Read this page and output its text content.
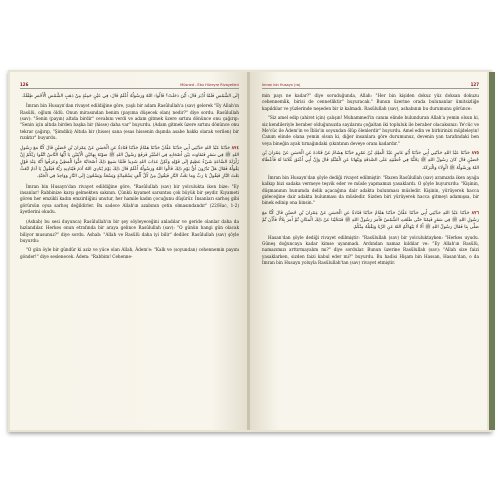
126	Müsned - Ebu Hüreyre Rivayetleri

إِلَى الشَّمْسِ فَلَمَّا أَدْبَرَ قَالَ: أَيْنَ دَخَلَتْ؟ قَالُوا: اللهُ وَرَسُولُهُ أَعْلَمُ قَالَ: فِي عَيْنٍ حَمِئَةٍ مِنْ ذَهَبٍ الشَّمْسِ الْأَحْمَرِ طِفْلَةً.

İmran bin Husayn'dan rivayet edildiğine göre, yaşlı bir adam Rasûlullah'a (sav) gelerek "Ey Allah'ın Rasûlü, oğlum öldü. Onun mirasından benim (payıma düşecek olan) nedir?" diye sordu. Rasûlullah (sav): "Senin (payın) altıda birdir" cevabını verdi ve adam gitmek üzere sırtını dönünce onu çağırıp: "Senin için altıda birden başka bir (hisse) daha var" buyurdu. (Adam gitmek üzere sırtını dönünce onu tekrar çağırıp, "Şimdiki) Altıda bir (hisse) sana (esas hissenin dışında asabe hakkı olarak verilen) bir rızıktır" buyurdu.

٨٧٤ حَدَّثَنَا عَبْدُ اللهِ حَدَّثَنِي أَبِي حَدَّثَنَا عَفَّانُ حَدَّثَنَا هَمَّامٌ حَدَّثَنَا قَتَادَةُ عَنِ الْحَسَنِ عَنْ عِمْرَانَ بْنِ حُصَيْنٍ قَالَ كُنَّا مَعَ رَسُولِ اللهِ ﷺ فِي سَفَرٍ فَتَفَاوَتَ بَيْنَ أَصْحَابِهِ فِي السَّيْرِ فَرَفَعَ رَسُولُ اللهِ ﷺ صَوْتَهُ بِهَاتَيْنِ الْآيَتَيْنِ يَا أَيُّهَا النَّاسُ اتَّقُوا رَبَّكُمْ إِنَّ زَلْزَلَةَ السَّاعَةِ شَيْءٌ عَظِيمٌ إِلَى قَوْلِهِ وَلَكِنَّ عَذَابَ اللهِ شَدِيدٌ فَلَمَّا سَمِعَ ذَلِكَ أَصْحَابُهُ حَثُّوا الْمَطِيَّ وَعَرَفُوا أَنَّهُ عِنْدَ قَوْلٍ يَقُولُهُ فَقَالَ هَلْ تَدْرُونَ أَيُّ يَوْمٍ ذَلِكَ قَالُوا اللهُ وَرَسُولُهُ أَعْلَمُ قَالَ ذَلِكَ يَوْمَ يُنَادِي اللهُ آدَمَ فَيُنَادِيهِ رَبُّهُ فَيَقُولُ يَا آدَمُ ابْعَثْ بَعْثَ النَّارِ فَيَقُولُ يَا رَبِّ وَمَا بَعْثُ النَّارِ فَيَقُولُ مِنْ كُلِّ أَلْفٍ تِسْعُمِائَةٍ وَتِسْعَةٌ وَتِسْعُونَ إِلَى النَّارِ وَوَاحِدٌ فِي الْجَنَّةِ.

İmran bin Husayn'dan rivayet edildiğine göre, "Rasûlullah (sav) bir yolculukta iken bize: "Ey insanlar! Rabbinize karşı gelmekten sakının. Çünkü kıyamet sarsıntısı çok büyük bir şeydir. Kıyameti gören her emzikli kadın emzirdiğini unutur, her hamile kadın çocuğunu düşürür. İnsanları sarhoş gibi görürsün oysa sarhoş değildirler. Bu sadece Allah'ın azabının çetin olmasındandır" (22/Hac, 1-2) âyetlerini okudu.

(Ashab) bu sesi duyunca) Rasûlullah'ın bir şey söyleyeceğini anladılar ve geride olanlar daha da hızlandılar. Herkes onun etrafında bir araya gelince Rasûlullah (sav): "O günün hangi gün olacak biliyor musunuz?" diye sordu. Ashab: "Allah ve Rasûlü daha iyi bilir" dediler. Rasûlullah (sav) şöyle buyurdu:

"O gün öyle bir gündür ki aziz ve yüce olan Allah, Âdem'e: "Kalk ve (soyundan) cehennemin payını gönder!" diye seslenecek. Âdem: "Rabbim! Cehenne-

İmran bin Husayn (ra)	127

min payı ne kadar?" diye soruduğunda, Allah: "Her bin kişiden dokuz yüz doksan dokuzu cehennemlik, birisi de cennetliktir" buyuracak." Bunun üzerine orada bulunanlar ümitsizliğe kapıldılar ve yüzlerinde neşeden bir iz kalmadı. Rasûlullah (sav), ashabının bu durumunu görünce:

"Siz amel edip (ahiret için) çalışın! Muhammed'in canını elinde bulunduran Allah'a yemin olsun ki, siz kendileriyle beraber olduğunuzda sayılarını çoğaltan iki topluluk ile beraber olacaksınız: Ye'cüc ve Me'cüc ile Âdem'in ve İblis'in soyundan ölüp ölenlerdir" buyurdu. Amel edin ve birbirinizi müjdeleyin! Canım elinde olana yemin olsun ki, diğer insanlara göre durumunuz, devenin yan tarafındaki ben veya bineğin ayak tırnağındaki çıkıntının deveye oranı kadardır."

٨٧٥ حَدَّثَنَا عَبْدُ اللهِ حَدَّثَنِي أَبِي حَدَّثَنَا أَبُو عَامِرٍ عَبْدُ الْمَلِكِ بْنُ عَمْرٍو حَدَّثَنَا هِشَامٌ عَنْ قَتَادَةَ عَنِ الْحَسَنِ عَنْ عِمْرَانَ بْنِ حُصَيْنٍ قَالَ كَانَ رَسُولُ اللهِ ﷺ يَحُثُّنَا فِي خُطْبَتِهِ عَلَى الصَّدَقَةِ وَيَنْهَانَا عَنِ الْمُثْلَةِ قَالَ وَإِنَّ أَبِي أَعْتَقَ غُلَامًا لَهُ فَأَعْطَاهُ اللهُ وَرَسُولُهُ ﷺ الْوِلَاءَ وَالْبَرَكَةَ.

İmran bin Husayn'dan şöyle dediği rivayet edilmiştir: "Bazen Rasûlullah (sav) aramızda iken ayağa kalkıp bizi sadaka vermeye teşvik eder ve müsle yapmamızı yasaklardı. O şöyle buyururdu: "Kişinin, düşmanının bunumda delik açacağına dair adakta bulunması müsledir. Kişinin, yürüyerek hacca gideceğine dair adakta bulunması da müsledir. Sizden biri yürüyerek hacca gitmeyi adamışsa, bir binek edinip ona binsin."

٨٧٦ حَدَّثَنَا عَبْدُ اللهِ حَدَّثَنِي أَبِي حَدَّثَنَا عَفَّانُ حَدَّثَنَا هَمَّامٌ حَدَّثَنَا قَتَادَةُ عَنِ الْحَسَنِ عَنْ عِمْرَانَ بْنِ حُصَيْنٍ قَالَ كُنَّا مَعَ رَسُولِ اللهِ ﷺ فِي سَفَرٍ فَنِمْنَا حَتَّى طَلَعَتِ الشَّمْسُ فَأَمَرَ رَسُولُ اللهِ ﷺ فَتَنَحَّيْنَا عَنْ ذَلِكَ الْمَكَانِ ثُمَّ أَمَرَ بِلَالًا فَأَذَّنَ ثُمَّ صَلَّى بِنَا فَقَالَ رَسُولُ اللهِ ﷺ أَلَا لَا يَنْهَاكُمُ اللهُ عَنِ الرِّبَا وَيَقْبَلُهُ مِنْكُمْ.

Hasan'dan şöyle dediği rivayet edilmiştir: "Rasûlullah (sav) bir yolculuktayken: "Herkes uyudu. Güneş doğuncaya kadar kimse uyanmadı. Ardından namaz kıldılar ve: "Ey Allah'ın Rasûlü, namazımızı arttırmayalım mı?" diye sordular. Bunun üzerine Rasûlullah (sav): "Allah size faizi yasaklarken, sizden faizi kabul eder mi?" buyurdu. Bu hadisi Hişam bin Hassan, Hasan'dan, o da İmran bin Husayn yoluyla Rasûlullah'tan (sav) rivayet etmiştir.
